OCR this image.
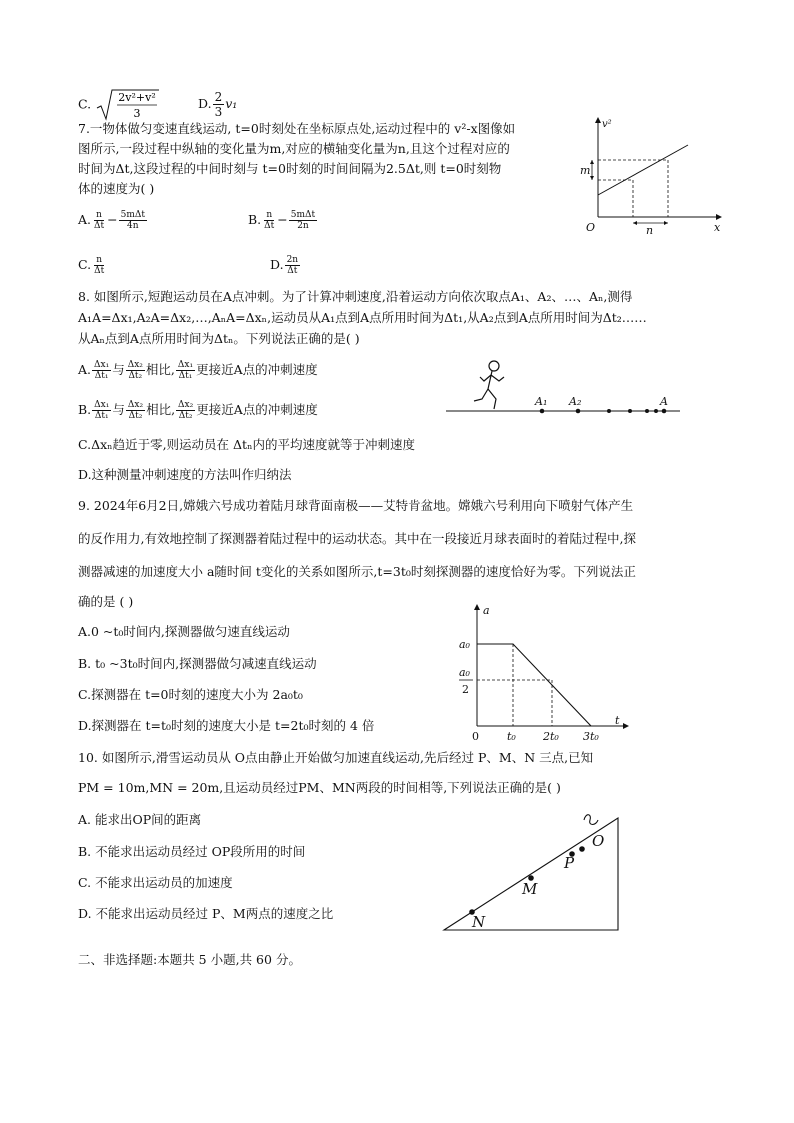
C. 2v²+v²
3
D. $\frac{2}{3} v_1$
7.一物体做匀变速直线运动, t=0时刻处在坐标原点处,运动过程中的 v²-x图像如
图所示,一段过程中纵轴的变化量为m,对应的横轴变化量为n,且这个过程对应的
时间为Δt,这段过程的中间时刻与 t=0时刻的时间间隔为2.5Δt,则 t=0时刻物
体的速度为( )
A. $\frac{n}{\Delta t} - \frac{\text{5mΔt}}{4n}$	B. $\frac{n}{\Delta t} - \frac{\text{5mΔt}}{2n}$
C. $\frac{n}{\Delta t}$	D. $\frac{2n}{\Delta t}$
v²
x
O
m
n
8. 如图所示,短跑运动员在A点冲刺。为了计算冲刺速度,沿着运动方向依次取点A₁、A₂、…、Aₙ,测得
A₁A=Δx₁,A₂A=Δx₂,…,AₙA=Δxₙ,运动员从A₁点到A点所用时间为Δt₁,从A₂点到A点所用时间为Δt₂……
从Aₙ点到A点所用时间为Δtₙ。下列说法正确的是( )
A. $\frac{\text{Δx₁}}{\text{Δt₁}}$ 与 $\frac{\text{Δx₂}}{\text{Δt₂}}$ 相比, $\frac{\text{Δx₁}}{\text{Δt₁}}$ 更接近A点的冲刺速度
B. $\frac{\text{Δx₁}}{\text{Δt₁}}$ 与 $\frac{\text{Δx₂}}{\text{Δt₂}}$ 相比, $\frac{\text{Δx₂}}{\text{Δt₂}}$ 更接近A点的冲刺速度
C.Δxₙ趋近于零,则运动员在 Δtₙ内的平均速度就等于冲刺速度
D.这种测量冲刺速度的方法叫作归纳法
A₁ A₂	A
9. 2024年6月2日,嫦娥六号成功着陆月球背面南极——艾特肯盆地。嫦娥六号利用向下喷射气体产生
的反作用力,有效地控制了探测器着陆过程中的运动状态。其中在一段接近月球表面时的着陆过程中,探
测器减速的加速度大小 a随时间 t变化的关系如图所示,t=3t₀时刻探测器的速度恰好为零。下列说法正
确的是 ( )
A.0 ~t₀时间内,探测器做匀速直线运动
B. t₀ ~3t₀时间内,探测器做匀减速直线运动
C.探测器在 t=0时刻的速度大小为 2a₀t₀
D.探测器在 t=t₀时刻的速度大小是 t=2t₀时刻的 4 倍
a
t
a₀
a₀
2
0	t₀ 2t₀ 3t₀
10. 如图所示,滑雪运动员从 O点由静止开始做匀加速直线运动,先后经过 P、M、N 三点,已知
PM = 10m,MN = 20m,且运动员经过PM、MN两段的时间相等,下列说法正确的是( )
A. 能求出OP间的距离
B. 不能求出运动员经过 OP段所用的时间
C. 不能求出运动员的加速度
D. 不能求出运动员经过 P、M两点的速度之比
O
P
M
N
二、非选择题:本题共 5 小题,共 60 分。
